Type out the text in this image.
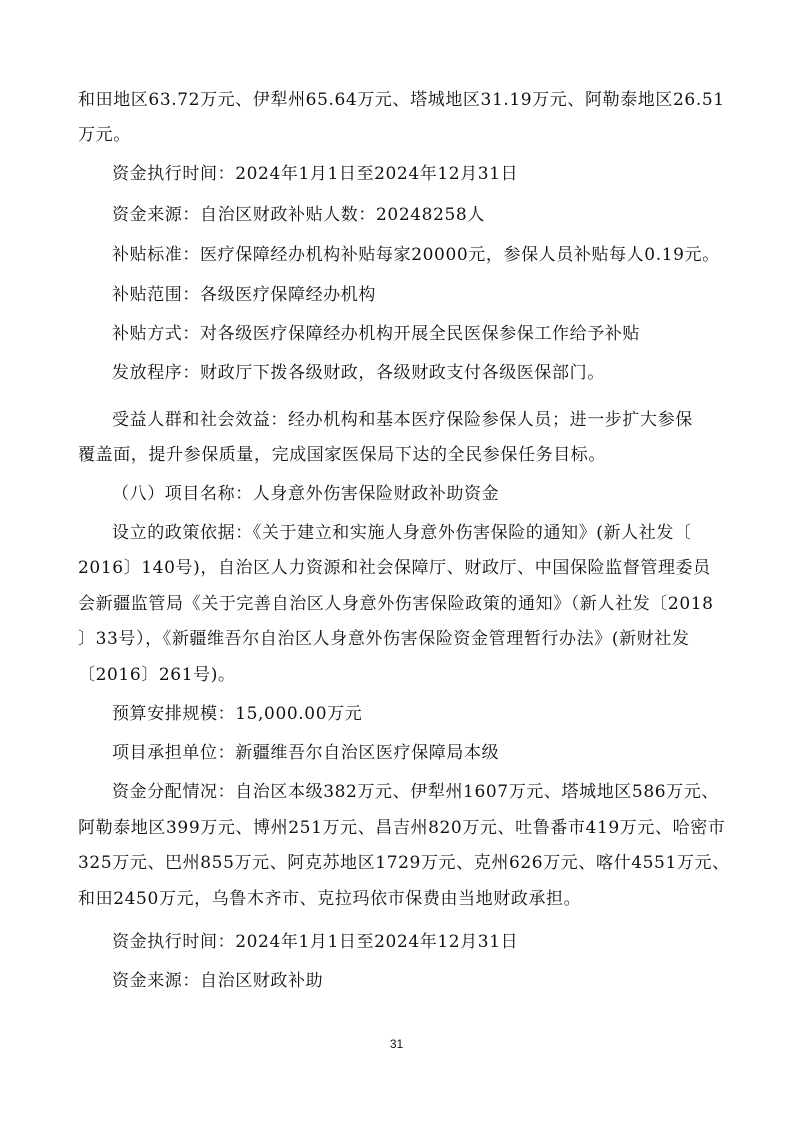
和田地区63.72万元、伊犁州65.64万元、塔城地区31.19万元、阿勒泰地区26.51
万元。
资金执行时间：2024年1月1日至2024年12月31日
资金来源：自治区财政补贴人数：20248258人
补贴标准：医疗保障经办机构补贴每家20000元，参保人员补贴每人0.19元。
补贴范围：各级医疗保障经办机构
补贴方式：对各级医疗保障经办机构开展全民医保参保工作给予补贴
发放程序：财政厅下拨各级财政，各级财政支付各级医保部门。
受益人群和社会效益：经办机构和基本医疗保险参保人员；进一步扩大参保
覆盖面，提升参保质量，完成国家医保局下达的全民参保任务目标。
（八）项目名称：人身意外伤害保险财政补助资金
设立的政策依据：《关于建立和实施人身意外伤害保险的通知》(新人社发〔
2016〕140号)，自治区人力资源和社会保障厅、财政厅、中国保险监督管理委员
会新疆监管局《关于完善自治区人身意外伤害保险政策的通知》（新人社发〔2018
〕33号），《新疆维吾尔自治区人身意外伤害保险资金管理暂行办法》(新财社发
〔2016〕261号)。
预算安排规模：15,000.00万元
项目承担单位：新疆维吾尔自治区医疗保障局本级
资金分配情况：自治区本级382万元、伊犁州1607万元、塔城地区586万元、
阿勒泰地区399万元、博州251万元、昌吉州820万元、吐鲁番市419万元、哈密市
325万元、巴州855万元、阿克苏地区1729万元、克州626万元、喀什4551万元、
和田2450万元，乌鲁木齐市、克拉玛依市保费由当地财政承担。
资金执行时间：2024年1月1日至2024年12月31日
资金来源：自治区财政补助
31
